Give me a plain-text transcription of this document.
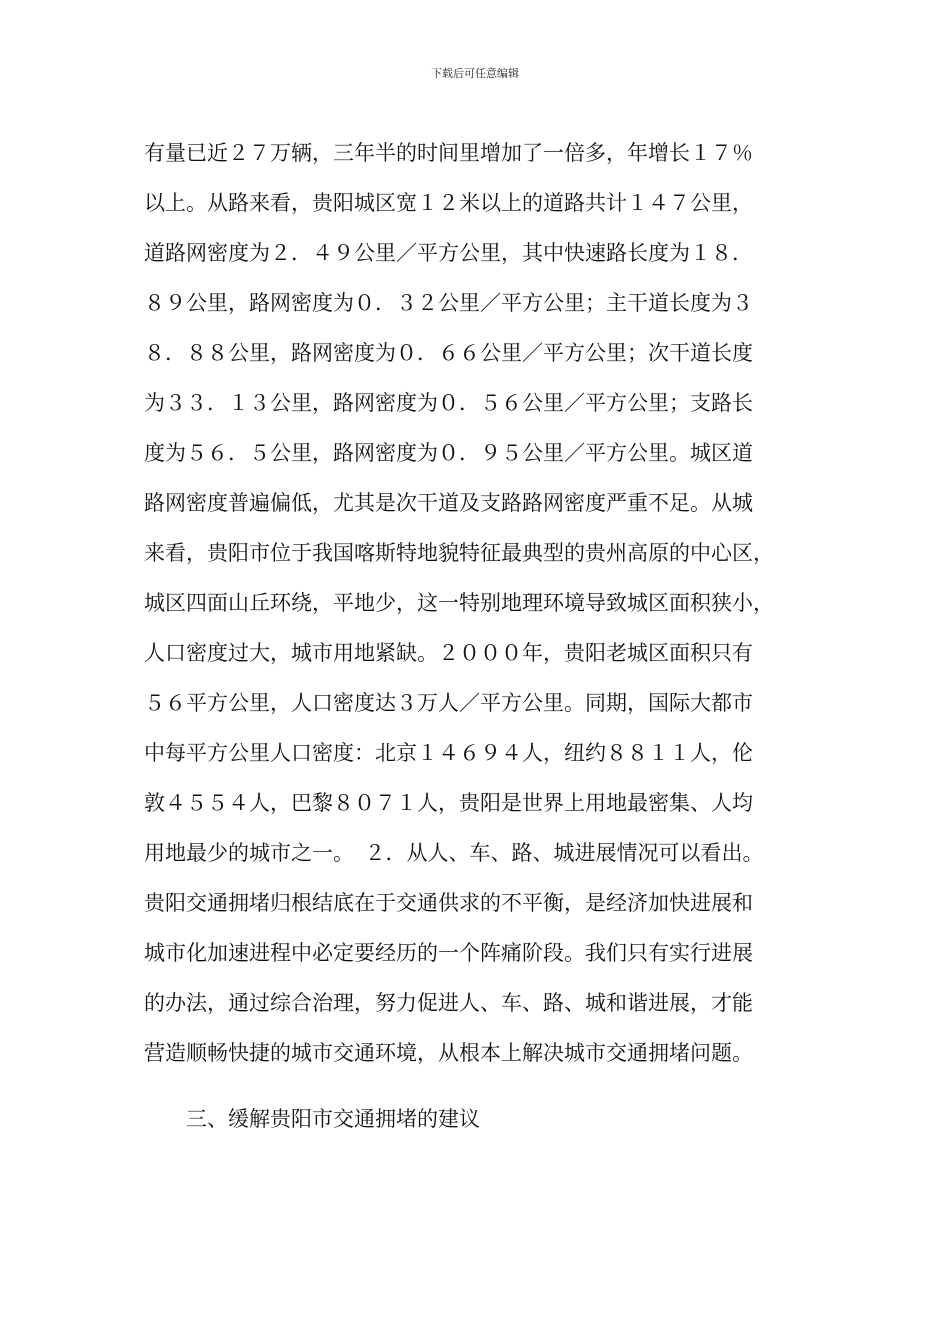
下载后可任意编辑
有量已近２７万辆，三年半的时间里增加了一倍多，年增长１７％
以上。从路来看，贵阳城区宽１２米以上的道路共计１４７公里，
道路网密度为２．４９公里／平方公里，其中快速路长度为１８．
８９公里，路网密度为０．３２公里／平方公里；主干道长度为３
８．８８公里，路网密度为０．６６公里／平方公里；次干道长度
为３３．１３公里，路网密度为０．５６公里／平方公里；支路长
度为５６．５公里，路网密度为０．９５公里／平方公里。城区道
路网密度普遍偏低，尤其是次干道及支路路网密度严重不足。从城
来看，贵阳市位于我国喀斯特地貌特征最典型的贵州高原的中心区，
城区四面山丘环绕，平地少，这一特别地理环境导致城区面积狭小，
人口密度过大，城市用地紧缺。２０００年，贵阳老城区面积只有
５６平方公里，人口密度达３万人／平方公里。同期，国际大都市
中每平方公里人口密度：北京１４６９４人，纽约８８１１人，伦
敦４５５４人，巴黎８０７１人，贵阳是世界上用地最密集、人均
用地最少的城市之一。　２．从人、车、路、城进展情况可以看出。
贵阳交通拥堵归根结底在于交通供求的不平衡，是经济加快进展和
城市化加速进程中必定要经历的一个阵痛阶段。我们只有实行进展
的办法，通过综合治理，努力促进人、车、路、城和谐进展，才能
营造顺畅快捷的城市交通环境，从根本上解决城市交通拥堵问题。
三、缓解贵阳市交通拥堵的建议
